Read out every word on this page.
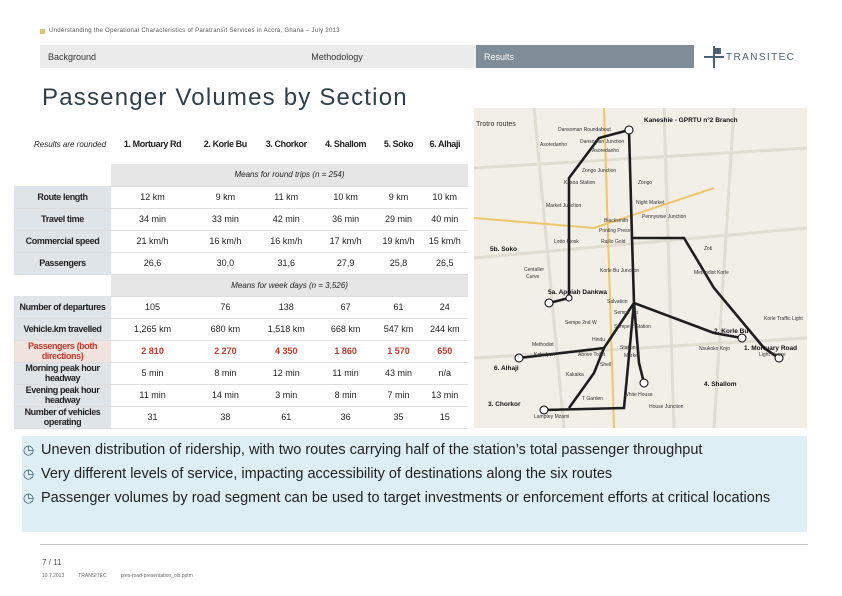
Understanding the Operational Characteristics of Paratransit Services in Accra, Ghana – July 2013
Background	Methodology	Results	TRANSITEC
Passenger Volumes by Section
Results are rounded	1. Mortuary Rd	2. Korle Bu	3. Chorkor	4. Shallom	5. Soko	6. Alhaji
	Means for round trips (n = 254)					
Route length	12 km	9 km	11 km	10 km	9 km	10 km
Travel time	34 min	33 min	42 min	36 min	29 min	40 min
Commercial speed	21 km/h	16 km/h	16 km/h	17 km/h	19 km/h	15 km/h
Passengers	26,6	30,0	31,6	27,9	25,8	26,5
	Means for week days (n = 3,526)					
Number of departures	105	76	138	67	61	24
Vehicle.km travelled	1,265 km	680 km	1,518 km	668 km	547 km	244 km
Passengers (both directions)	2 810	2 270	4 350	1 860	1 570	650
Morning peak hour headway	5 min	8 min	12 min	11 min	43 min	n/a
Evening peak hour headway	11 min	14 min	3 min	8 min	7 min	13 min
Number of vehicles operating	31	38	61	36	35	15
Dansoman Roundabout
Dansoman Junction
Asoredanho
Asoredanho
Zongo Junction
Kasoa Station	Zongo
Night Market
Market Junction
Pennywise Junction
Blacksmith
Printing Press
Lotto Kiosk	Railio Gold
Zoti
Methodist Korle
Centaller
Curve
Korle Bu Junction
Salvation
Sempe 2nd W
Sempe 1st
Sempe 2 Station
Korle Traffic Light
Light House
Nsukoko Kojo
Methodist
Hindu
Station
Above Toilet	Market
Kabulyan
Shell
Kakaika
White House
T Garden
House Junction
Lamptey Mzami
Kaneshie - GPRTU n°2 Branch
5b. Soko
5a. Appiah Dankwa
2. Korle Bu
1. Mortuary Road
6. Alhaji
4. Shallom
3. Chorkor
Trotro routes
◷ Uneven distribution of ridership, with two routes carrying half of the station’s total passenger throughput
◷ Very different levels of service, impacting accessibility of destinations along the six routes
◷ Passenger volumes by road segment can be used to target investments or enforcement efforts at critical locations
7 / 11
10.7.2013	TRANSITEC	pres-road-presentation_ols.pptm
